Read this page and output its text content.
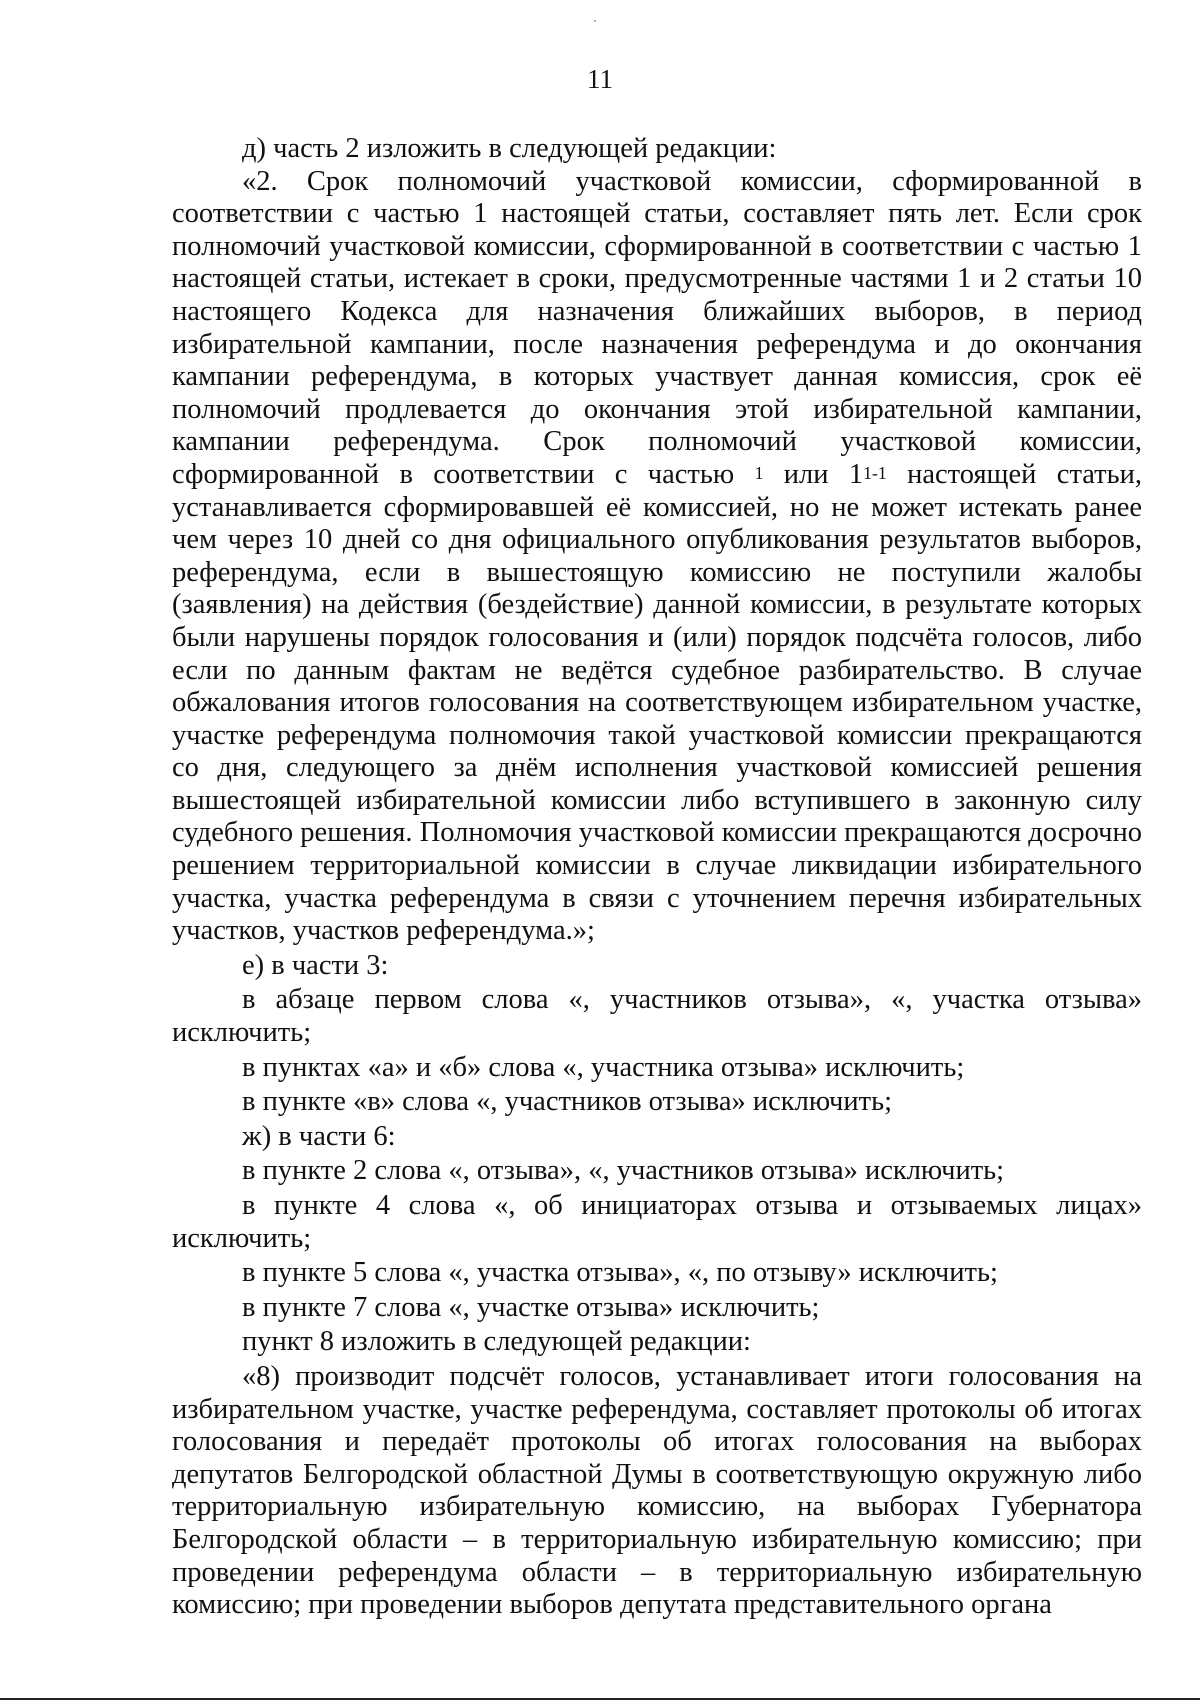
11

д) часть 2 изложить в следующей редакции:

«2. Срок полномочий участковой комиссии, сформированной в соответствии с частью 1 настоящей статьи, составляет пять лет. Если срок полномочий участковой комиссии, сформированной в соответствии с частью 1 настоящей статьи, истекает в сроки, предусмотренные частями 1 и 2 статьи 10 настоящего Кодекса для назначения ближайших выборов, в период избирательной кампании, после назначения референдума и до окончания кампании референдума, в которых участвует данная комиссия, срок её полномочий продлевается до окончания этой избирательной кампании, кампании референдума. Срок полномочий участковой комиссии, сформированной в соответствии с частью $^1$ или 1$^{1-1}$ настоящей статьи, устанавливается сформировавшей её комиссией, но не может истекать ранее чем через 10 дней со дня официального опубликования результатов выборов, референдума, если в вышестоящую комиссию не поступили жалобы (заявления) на действия (бездействие) данной комиссии, в результате которых были нарушены порядок голосования и (или) порядок подсчёта голосов, либо если по данным фактам не ведётся судебное разбирательство. В случае обжалования итогов голосования на соответствующем избирательном участке, участке референдума полномочия такой участковой комиссии прекращаются со дня, следующего за днём исполнения участковой комиссией решения вышестоящей избирательной комиссии либо вступившего в законную силу судебного решения. Полномочия участковой комиссии прекращаются досрочно решением территориальной комиссии в случае ликвидации избирательного участка, участка референдума в связи с уточнением перечня избирательных участков, участков референдума.»;

е) в части 3:

в абзаце первом слова «, участников отзыва», «, участка отзыва» исключить;

в пунктах «а» и «б» слова «, участника отзыва» исключить;

в пункте «в» слова «, участников отзыва» исключить;

ж) в части 6:

в пункте 2 слова «, отзыва», «, участников отзыва» исключить;

в пункте 4 слова «, об инициаторах отзыва и отзываемых лицах» исключить;

в пункте 5 слова «, участка отзыва», «, по отзыву» исключить;

в пункте 7 слова «, участке отзыва» исключить;

пункт 8 изложить в следующей редакции:

«8) производит подсчёт голосов, устанавливает итоги голосования на избирательном участке, участке референдума, составляет протоколы об итогах голосования и передаёт протоколы об итогах голосования на выборах депутатов Белгородской областной Думы в соответствующую окружную либо территориальную избирательную комиссию, на выборах Губернатора Белгородской области – в территориальную избирательную комиссию; при проведении референдума области – в территориальную избирательную комиссию; при проведении выборов депутата представительного органа
